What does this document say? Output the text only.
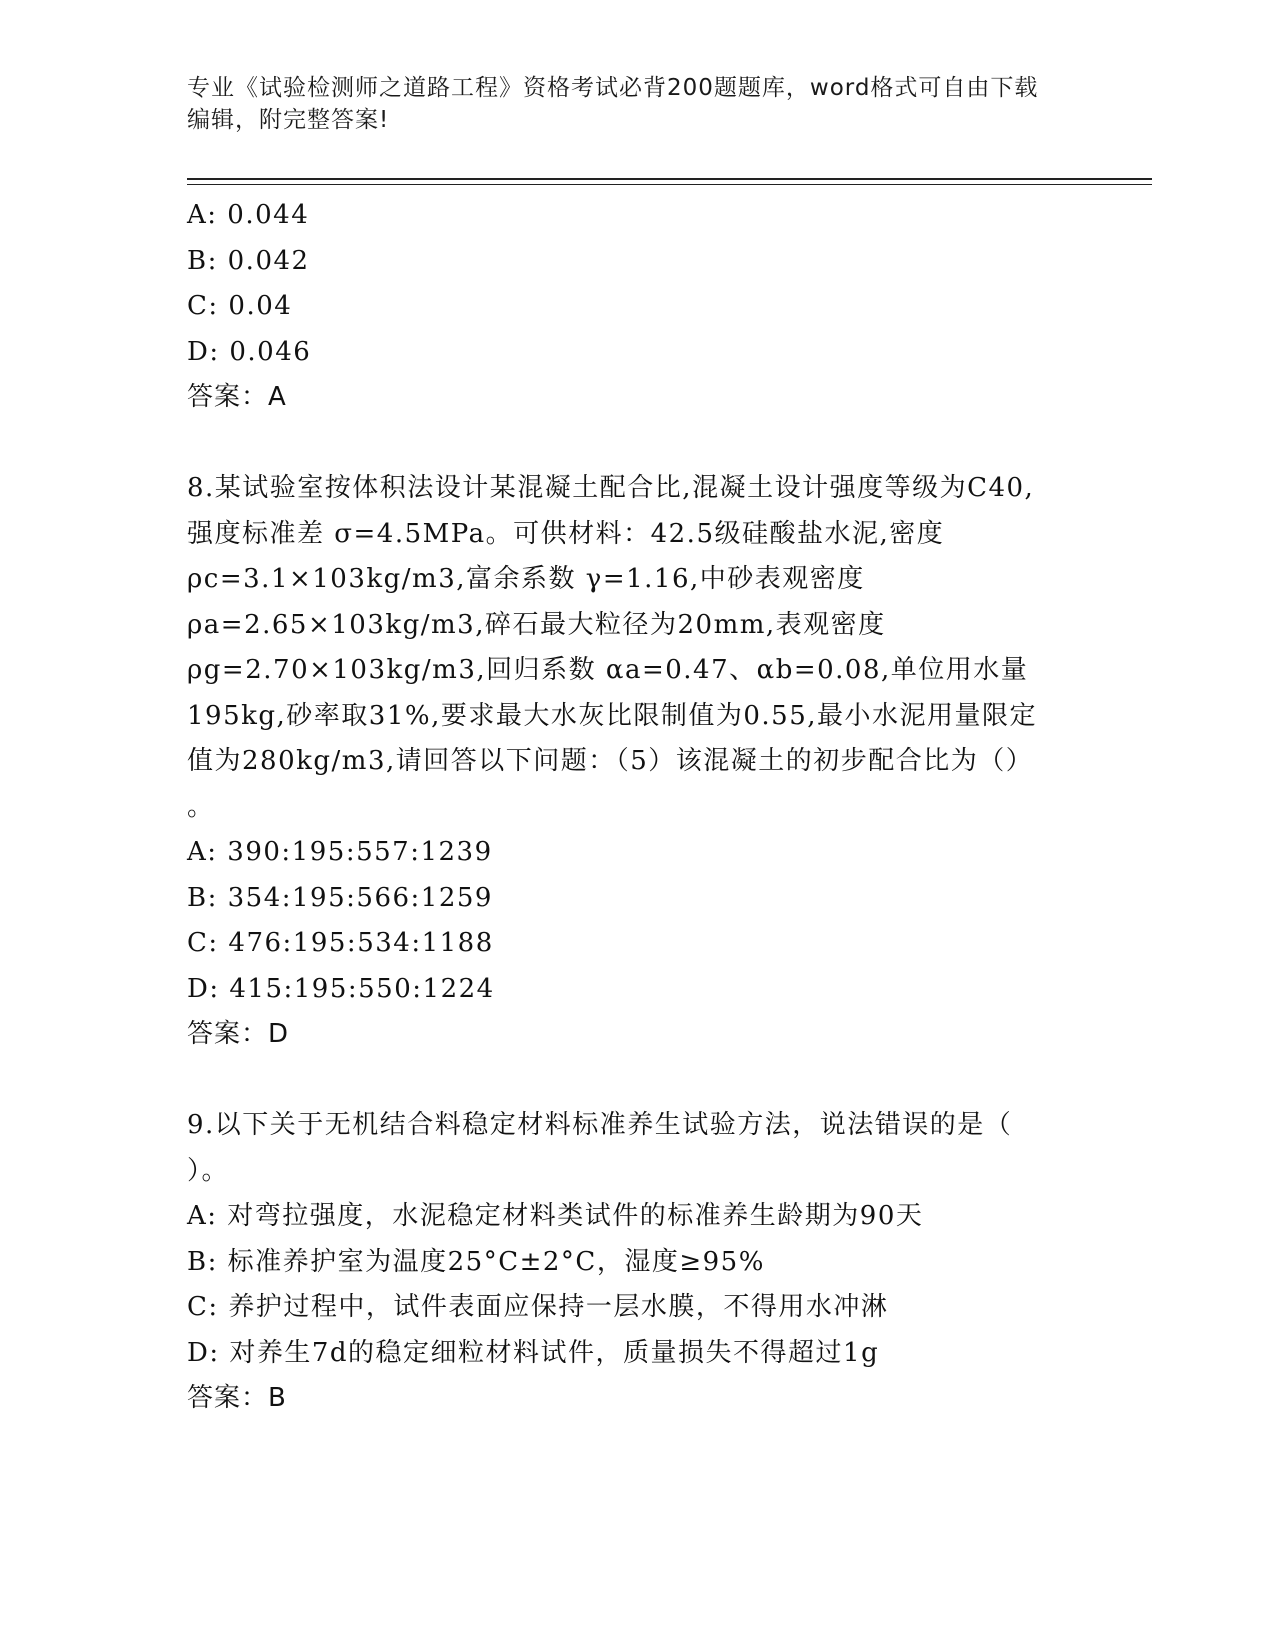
专业《试验检测师之道路工程》资格考试必背200题题库，word格式可自由下载
编辑，附完整答案!
A: 0.044
B: 0.042
C: 0.04
D: 0.046
答案：A
8.某试验室按体积法设计某混凝土配合比,混凝土设计强度等级为C40,
强度标准差 σ=4.5MPa。可供材料：42.5级硅酸盐水泥,密度
ρc=3.1×103kg/m3,富余系数 γ=1.16,中砂表观密度
ρa=2.65×103kg/m3,碎石最大粒径为20mm,表观密度
ρg=2.70×103kg/m3,回归系数 αa=0.47、αb=0.08,单位用水量
195kg,砂率取31%,要求最大水灰比限制值为0.55,最小水泥用量限定
值为280kg/m3,请回答以下问题：（5）该混凝土的初步配合比为（）
。
A: 390:195:557:1239
B: 354:195:566:1259
C: 476:195:534:1188
D: 415:195:550:1224
答案：D
9.以下关于无机结合料稳定材料标准养生试验方法，说法错误的是（
）。
A: 对弯拉强度，水泥稳定材料类试件的标准养生龄期为90天
B: 标准养护室为温度25°C±2°C，湿度≥95%
C: 养护过程中，试件表面应保持一层水膜，不得用水冲淋
D: 对养生7d的稳定细粒材料试件，质量损失不得超过1g
答案：B
